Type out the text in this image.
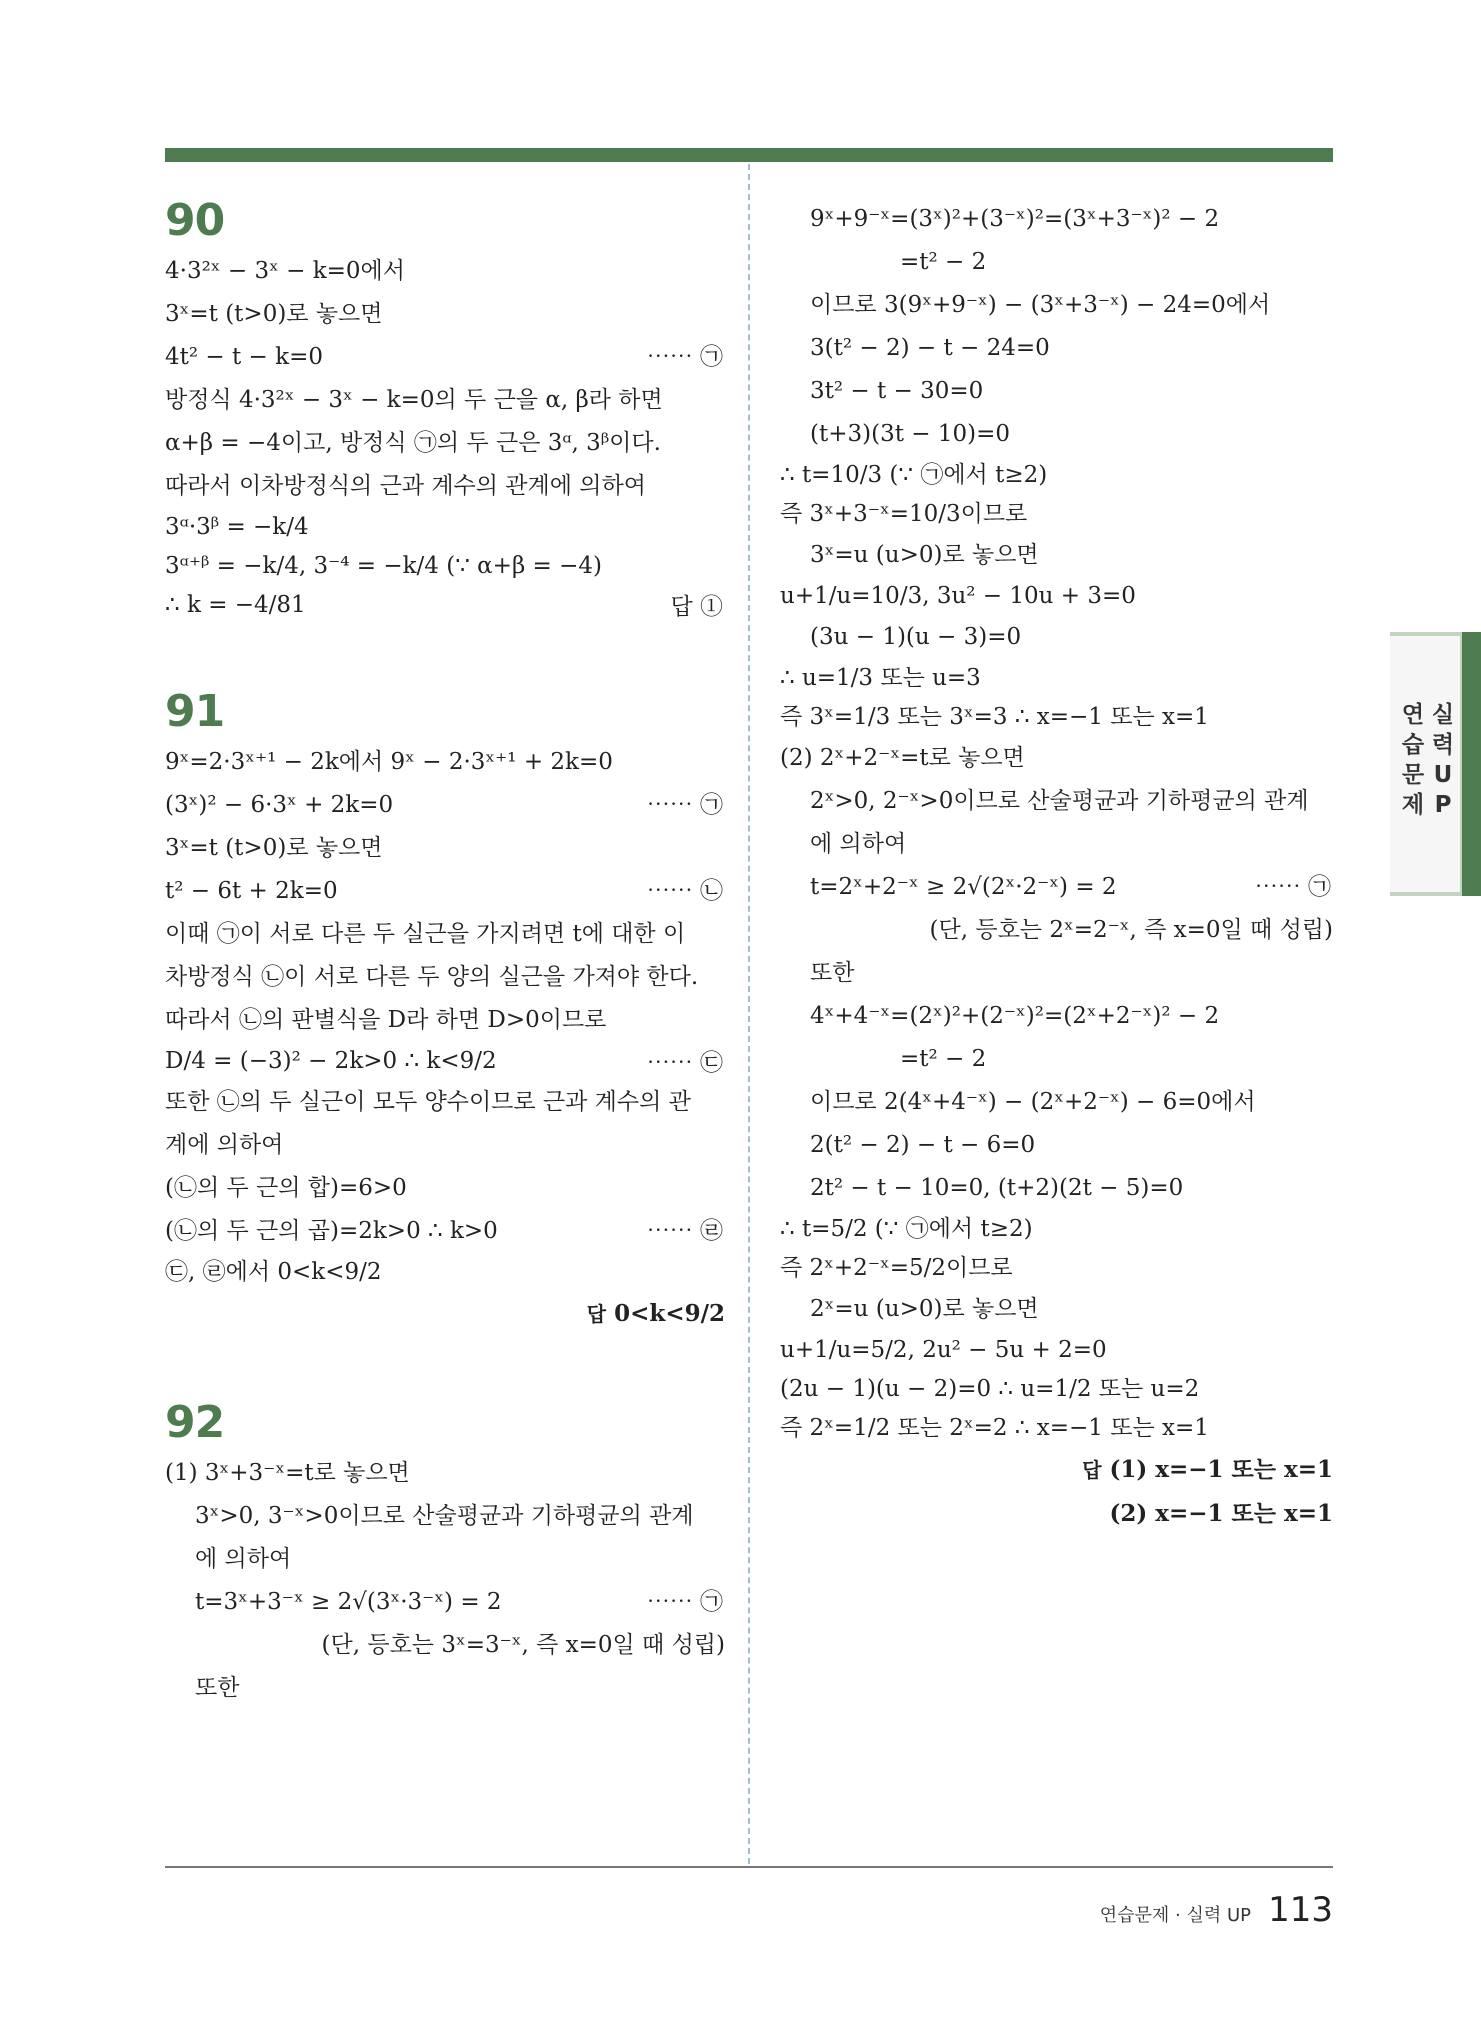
90
4·3²ˣ − 3ˣ − k=0에서
3ˣ=t (t>0)로 놓으면
4t² − t − k=0	⋯⋯ ㉠
방정식 4·3²ˣ − 3ˣ − k=0의 두 근을 α, β라 하면
α+β = −4이고, 방정식 ㉠의 두 근은 3ᵅ, 3ᵝ이다.
따라서 이차방정식의 근과 계수의 관계에 의하여
3ᵅ·3ᵝ = −k/4
3ᵅ⁺ᵝ = −k/4, 3⁻⁴ = −k/4 (∵ α+β = −4)
∴ k = −4/81	답 ①
91
9ˣ=2·3ˣ⁺¹ − 2k에서 9ˣ − 2·3ˣ⁺¹ + 2k=0
(3ˣ)² − 6·3ˣ + 2k=0	⋯⋯ ㉠
3ˣ=t (t>0)로 놓으면
t² − 6t + 2k=0	⋯⋯ ㉡
이때 ㉠이 서로 다른 두 실근을 가지려면 t에 대한 이
차방정식 ㉡이 서로 다른 두 양의 실근을 가져야 한다.
따라서 ㉡의 판별식을 D라 하면 D>0이므로
D/4 = (−3)² − 2k>0 ∴ k<9/2	⋯⋯ ㉢
또한 ㉡의 두 실근이 모두 양수이므로 근과 계수의 관
계에 의하여
(㉡의 두 근의 합)=6>0
(㉡의 두 근의 곱)=2k>0 ∴ k>0	⋯⋯ ㉣
㉢, ㉣에서 0<k<9/2
답 0<k<9/2
92
(1) 3ˣ+3⁻ˣ=t로 놓으면
3ˣ>0, 3⁻ˣ>0이므로 산술평균과 기하평균의 관계
에 의하여
t=3ˣ+3⁻ˣ ≥ 2√(3ˣ·3⁻ˣ) = 2	⋯⋯ ㉠
(단, 등호는 3ˣ=3⁻ˣ, 즉 x=0일 때 성립)
또한
9ˣ+9⁻ˣ=(3ˣ)²+(3⁻ˣ)²=(3ˣ+3⁻ˣ)² − 2
=t² − 2
이므로 3(9ˣ+9⁻ˣ) − (3ˣ+3⁻ˣ) − 24=0에서
3(t² − 2) − t − 24=0
3t² − t − 30=0
(t+3)(3t − 10)=0
∴ t=10/3 (∵ ㉠에서 t≥2)
즉 3ˣ+3⁻ˣ=10/3이므로
3ˣ=u (u>0)로 놓으면
u+1/u=10/3, 3u² − 10u + 3=0
(3u − 1)(u − 3)=0
∴ u=1/3 또는 u=3
즉 3ˣ=1/3 또는 3ˣ=3 ∴ x=−1 또는 x=1
(2) 2ˣ+2⁻ˣ=t로 놓으면
2ˣ>0, 2⁻ˣ>0이므로 산술평균과 기하평균의 관계
에 의하여
t=2ˣ+2⁻ˣ ≥ 2√(2ˣ·2⁻ˣ) = 2	⋯⋯ ㉠
(단, 등호는 2ˣ=2⁻ˣ, 즉 x=0일 때 성립)
또한
4ˣ+4⁻ˣ=(2ˣ)²+(2⁻ˣ)²=(2ˣ+2⁻ˣ)² − 2
=t² − 2
이므로 2(4ˣ+4⁻ˣ) − (2ˣ+2⁻ˣ) − 6=0에서
2(t² − 2) − t − 6=0
2t² − t − 10=0, (t+2)(2t − 5)=0
∴ t=5/2 (∵ ㉠에서 t≥2)
즉 2ˣ+2⁻ˣ=5/2이므로
2ˣ=u (u>0)로 놓으면
u+1/u=5/2, 2u² − 5u + 2=0
(2u − 1)(u − 2)=0 ∴ u=1/2 또는 u=2
즉 2ˣ=1/2 또는 2ˣ=2 ∴ x=−1 또는 x=1
답 (1) x=−1 또는 x=1
(2) x=−1 또는 x=1
연
습
문
제
실
력
U
P
연습문제 · 실력 UP 113
